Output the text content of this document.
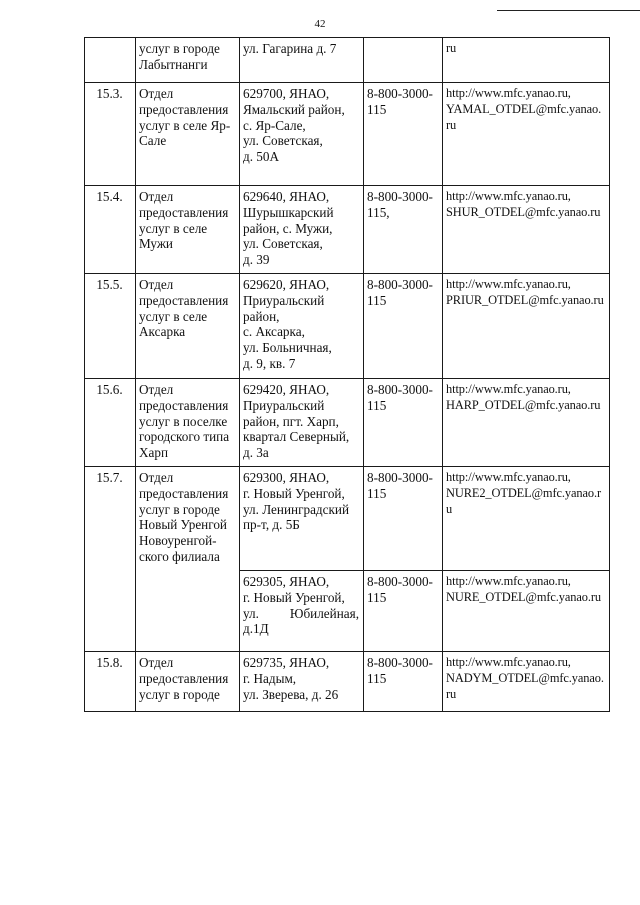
42
	услуг в городе Лабытнанги	ул. Гагарина д. 7		ru
15.3.	Отдел предоставления услуг в селе Яр-Сале	629700, ЯНАО, Ямальский район,
с. Яр-Сале,
ул. Советская,
д. 50А	8-800-3000-115	http://www.mfc.yanao.ru,
YAMAL_OTDEL@mfc.yanao.ru
15.4.	Отдел предоставления услуг в селе Мужи	629640, ЯНАО, Шурышкарский район, с. Мужи,
ул. Советская,
д. 39	8-800-3000-115,	http://www.mfc.yanao.ru,
SHUR_OTDEL@mfc.yanao.ru
15.5.	Отдел предоставления услуг в селе Аксарка	629620, ЯНАО, Приуральский район,
с. Аксарка,
ул. Больничная,
д. 9, кв. 7	8-800-3000-115	http://www.mfc.yanao.ru,
PRIUR_OTDEL@mfc.yanao.ru
15.6.	Отдел предоставления услуг в поселке городского типа Харп	629420, ЯНАО, Приуральский район, пгт. Харп, квартал Северный, д. 3а	8-800-3000-115	http://www.mfc.yanao.ru,
HARP_OTDEL@mfc.yanao.ru
15.7.	Отдел предоставления услуг в городе Новый Уренгой Новоуренгой-ского филиала	629300, ЯНАО,
г. Новый Уренгой,
ул. Ленинградский пр-т, д. 5Б	8-800-3000-115	http://www.mfc.yanao.ru,
NURE2_OTDEL@mfc.yanao.ru
		629305, ЯНАО,
г. Новый Уренгой,
ул. Юбилейная, д.1Д	8-800-3000-115	http://www.mfc.yanao.ru,
NURE_OTDEL@mfc.yanao.ru
15.8.	Отдел предоставления услуг в городе	629735, ЯНАО,
г. Надым,
ул. Зверева, д. 26	8-800-3000-115	http://www.mfc.yanao.ru,
NADYM_OTDEL@mfc.yanao.ru
